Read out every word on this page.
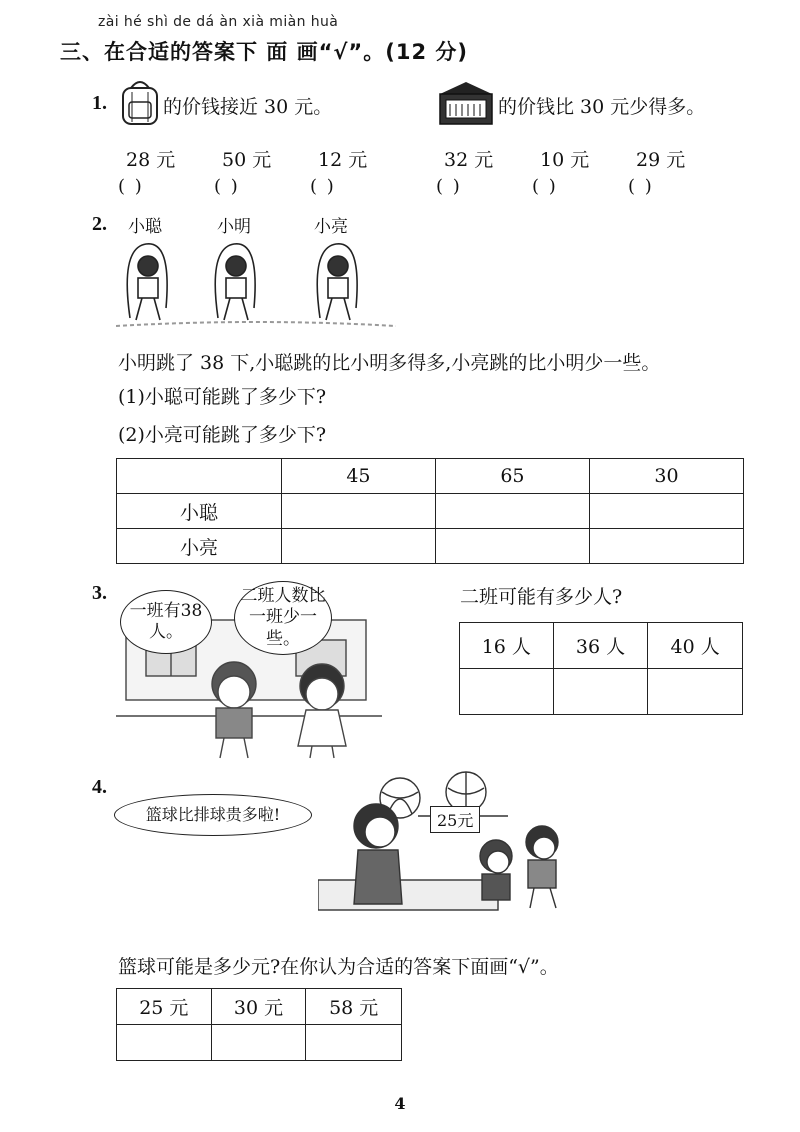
zài hé shì de dá àn xià miàn huà
三、在合适的答案下 面 画“√”。(12 分)
1.	的价钱接近 30 元。	的价钱比 30 元少得多。
28 元 50 元 12 元	32 元 10 元 29 元
( )	( )	( )	( )	( )	( )
2. 小聪	小明	小亮
小明跳了 38 下,小聪跳的比小明多得多,小亮跳的比小明少一些。
(1)小聪可能跳了多少下?
(2)小亮可能跳了多少下?
	45	65	30
小聪			
小亮			
3.
一班有38人。
二班人数比一班少一些。
二班可能有多少人?
16 人	36 人	40 人

4.
25元
篮球比排球贵多啦!
篮球可能是多少元?在你认为合适的答案下面画“√”。
25 元	30 元	58 元

4
